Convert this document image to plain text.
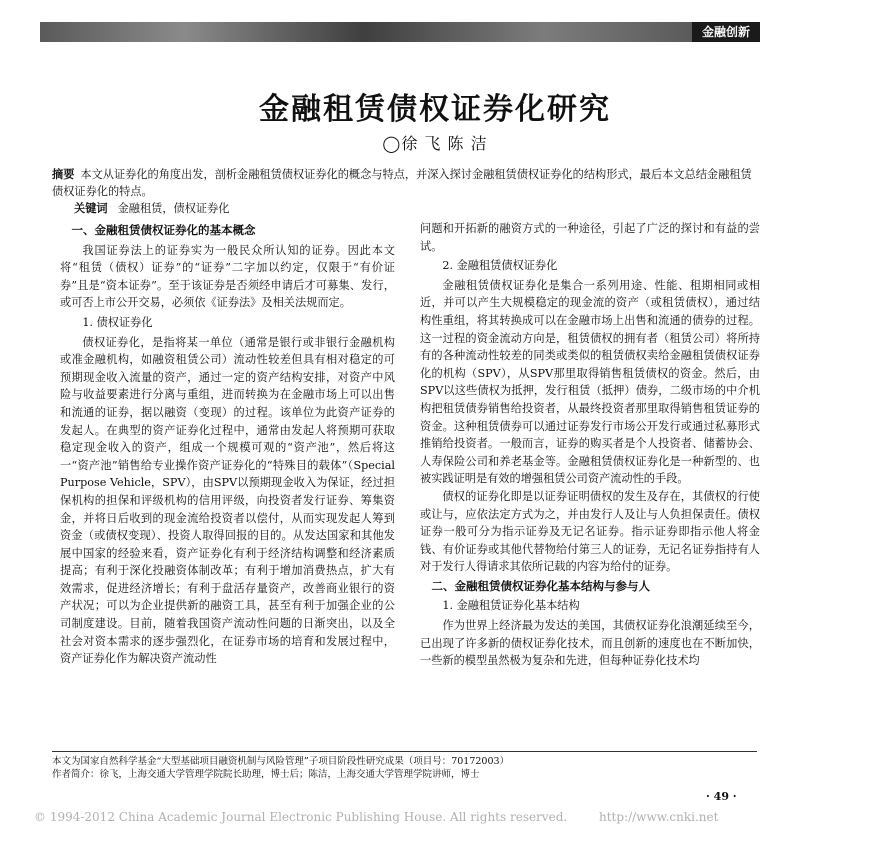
金融创新
金融租赁债权证券化研究
◯徐 飞 陈 洁
摘要 本文从证券化的角度出发，剖析金融租赁债权证券化的概念与特点，并深入探讨金融租赁债权证券化的结构形式，最后本文总结金融租赁债权证券化的特点。
关键词 金融租赁，债权证券化
一、金融租赁债权证券化的基本概念

我国证券法上的证券实为一般民众所认知的证券。因此本文将“租赁（债权）证券”的“证券”二字加以约定，仅限于“有价证券”且是“资本证券”。至于该证券是否须经申请后才可募集、发行，或可否上市公开交易，必须依《证券法》及相关法规而定。

1. 债权证券化

债权证券化，是指将某一单位（通常是银行或非银行金融机构或准金融机构，如融资租赁公司）流动性较差但具有相对稳定的可预期现金收入流量的资产，通过一定的资产结构安排，对资产中风险与收益要素进行分离与重组，进而转换为在金融市场上可以出售和流通的证券，据以融资（变现）的过程。该单位为此资产证券的发起人。在典型的资产证券化过程中，通常由发起人将预期可获取稳定现金收入的资产，组成一个规模可观的“资产池”，然后将这一“资产池”销售给专业操作资产证券化的“特殊目的载体”（Special Purpose Vehicle，SPV），由SPV以预期现金收入为保证，经过担保机构的担保和评级机构的信用评级，向投资者发行证券、筹集资金，并将日后收到的现金流给投资者以偿付，从而实现发起人筹到资金（或债权变现）、投资人取得回报的目的。从发达国家和其他发展中国家的经验来看，资产证券化有利于经济结构调整和经济素质提高；有利于深化投融资体制改革；有利于增加消费热点，扩大有效需求，促进经济增长；有利于盘活存量资产，改善商业银行的资产状况；可以为企业提供新的融资工具，甚至有利于加强企业的公司制度建设。目前，随着我国资产流动性问题的日渐突出，以及全社会对资本需求的逐步强烈化，在证券市场的培育和发展过程中，资产证券化作为解决资产流动性

问题和开拓新的融资方式的一种途径，引起了广泛的探讨和有益的尝试。

2. 金融租赁债权证券化

金融租赁债权证券化是集合一系列用途、性能、租期相同或相近，并可以产生大规模稳定的现金流的资产（或租赁债权），通过结构性重组，将其转换成可以在金融市场上出售和流通的债券的过程。这一过程的资金流动方向是，租赁债权的拥有者（租赁公司）将所持有的各种流动性较差的同类或类似的租赁债权卖给金融租赁债权证券化的机构（SPV），从SPV那里取得销售租赁债权的资金。然后，由SPV以这些债权为抵押，发行租赁（抵押）债券，二级市场的中介机构把租赁债券销售给投资者，从最终投资者那里取得销售租赁证券的资金。这种租赁债券可以通过证券发行市场公开发行或通过私募形式推销给投资者。一般而言，证券的购买者是个人投资者、储蓄协会、人寿保险公司和养老基金等。金融租赁债权证券化是一种新型的、也被实践证明是有效的增强租赁公司资产流动性的手段。

债权的证券化即是以证券证明债权的发生及存在，其债权的行使或让与，应依法定方式为之，并由发行人及让与人负担保责任。债权证券一般可分为指示证券及无记名证券。指示证券即指示他人将金钱、有价证券或其他代替物给付第三人的证券，无记名证券指持有人对于发行人得请求其依所记载的内容为给付的证券。

二、金融租赁债权证券化基本结构与参与人
1. 金融租赁证券化基本结构

作为世界上经济最为发达的美国，其债权证券化浪潮延续至今，已出现了许多新的债权证券化技术，而且创新的速度也在不断加快，一些新的模型虽然极为复杂和先进，但每种证券化技术均

本文为国家自然科学基金“大型基础项目融资机制与风险管理”子项目阶段性研究成果（项目号：70172003）
作者简介：徐飞，上海交通大学管理学院院长助理，博士后；陈洁，上海交通大学管理学院讲师，博士
· 49 ·
© 1994-2012 China Academic Journal Electronic Publishing House. All rights reserved.	http://www.cnki.net
